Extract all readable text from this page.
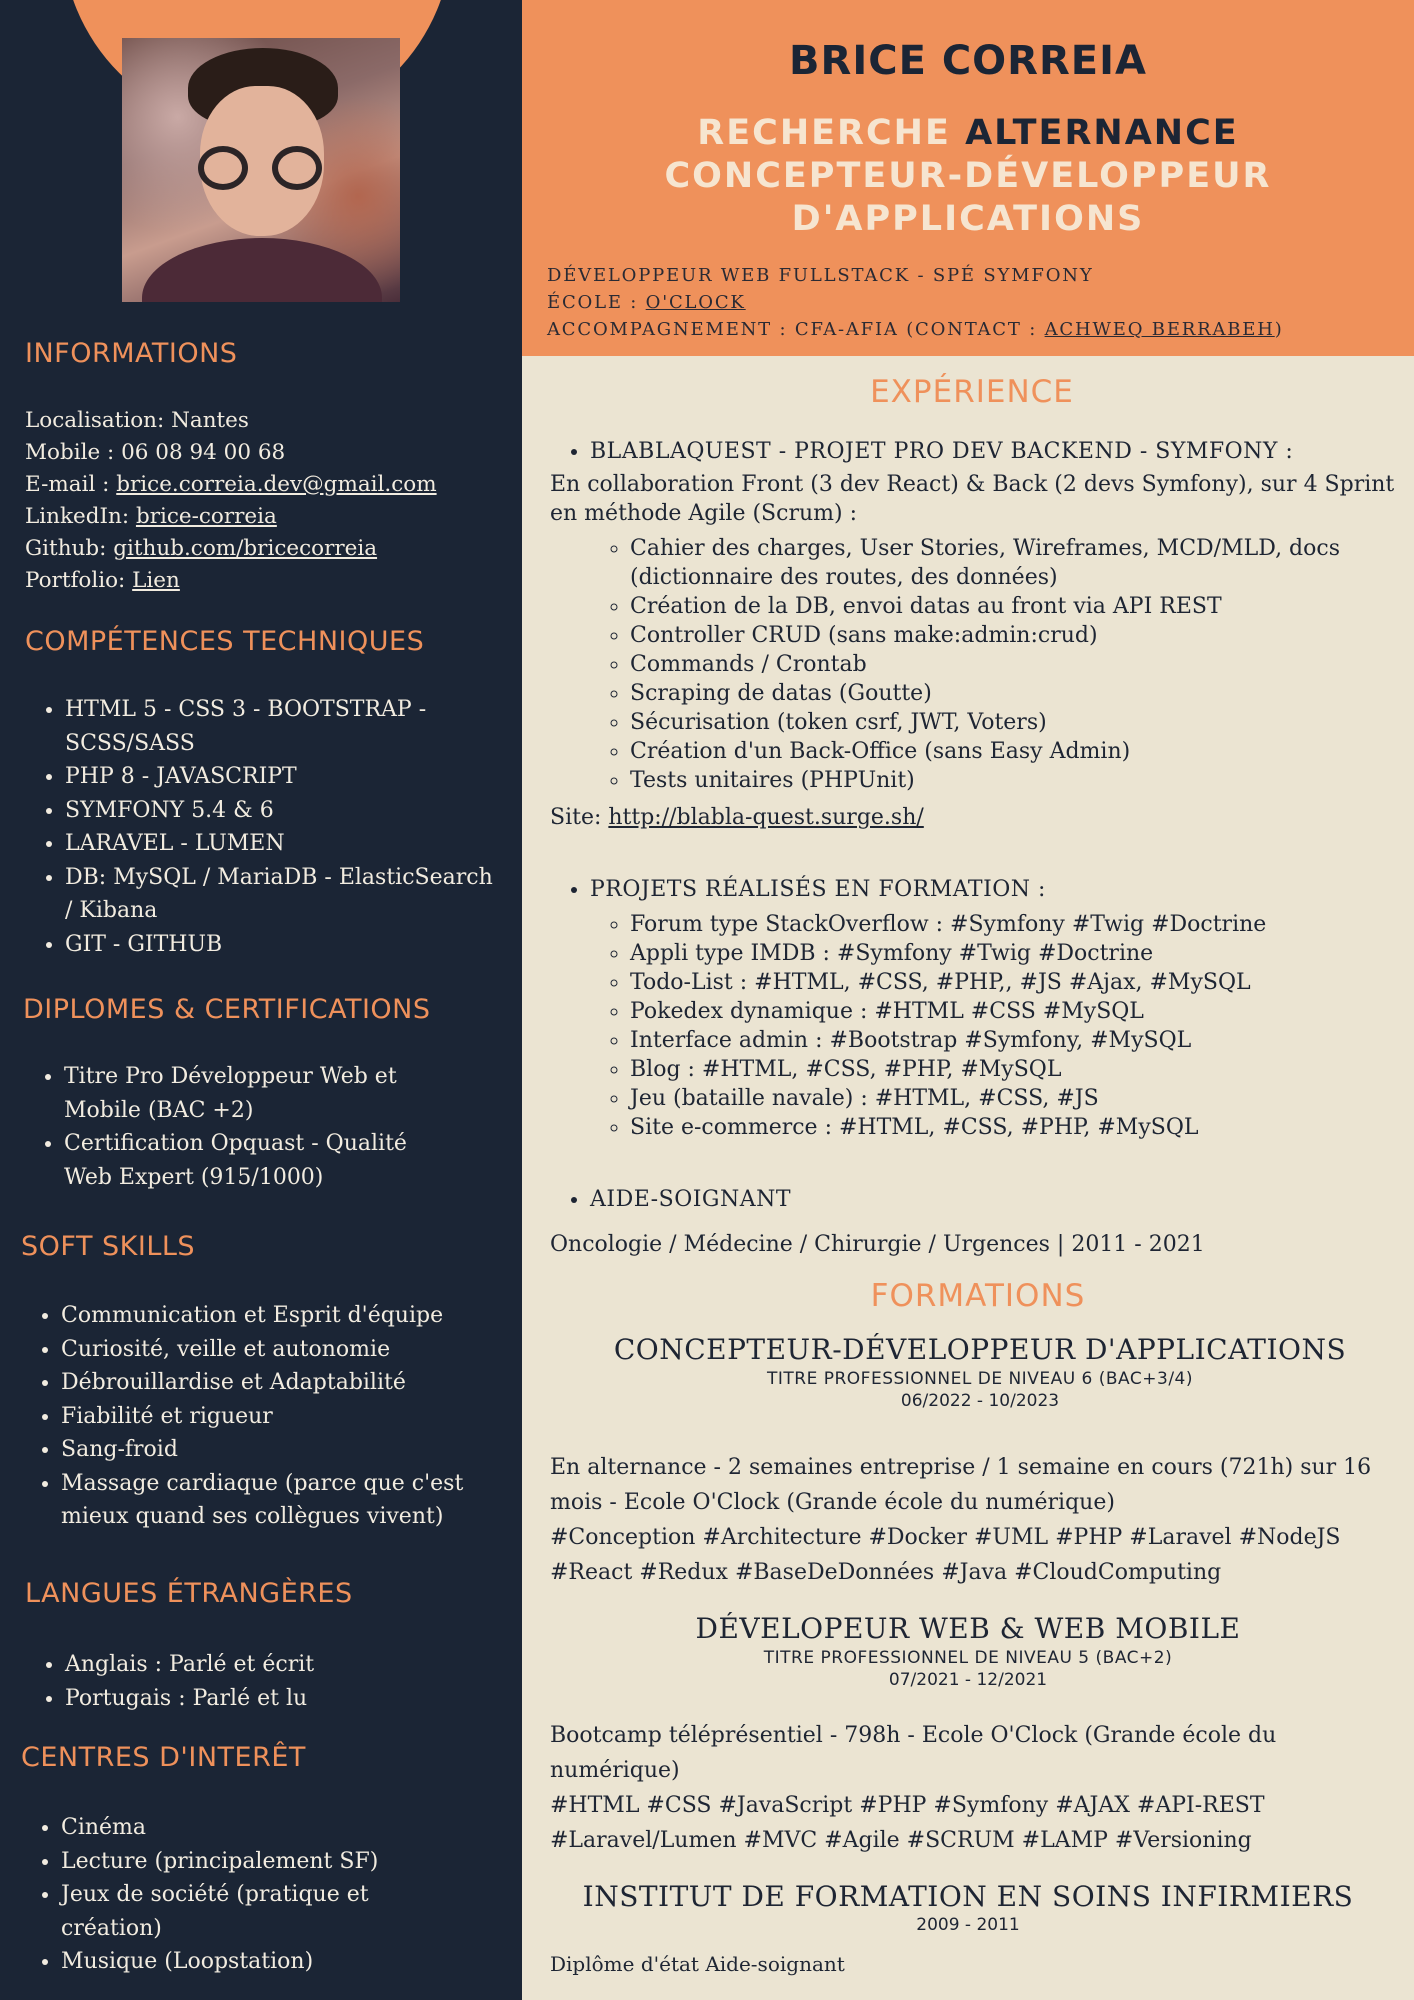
INFORMATIONS
Localisation: Nantes
Mobile : 06 08 94 00 68
E-mail : brice.correia.dev@gmail.com
LinkedIn: brice-correia
Github: github.com/bricecorreia
Portfolio: Lien
COMPÉTENCES TECHNIQUES
• HTML 5 - CSS 3 - BOOTSTRAP - SCSS/SASS
• PHP 8 - JAVASCRIPT
• SYMFONY 5.4 & 6
• LARAVEL - LUMEN
• DB: MySQL / MariaDB - ElasticSearch / Kibana
• GIT - GITHUB
DIPLOMES & CERTIFICATIONS
• Titre Pro Développeur Web et Mobile (BAC +2)
• Certification Opquast - Qualité Web Expert (915/1000)
SOFT SKILLS
• Communication et Esprit d'équipe
• Curiosité, veille et autonomie
• Débrouillardise et Adaptabilité
• Fiabilité et rigueur
• Sang-froid
• Massage cardiaque (parce que c'est mieux quand ses collègues vivent)
LANGUES ÉTRANGÈRES
• Anglais : Parlé et écrit
• Portugais : Parlé et lu
CENTRES D'INTERÊT
• Cinéma
• Lecture (principalement SF)
• Jeux de société (pratique et création)
• Musique (Loopstation)
BRICE CORREIA
RECHERCHE ALTERNANCE
CONCEPTEUR-DÉVELOPPEUR
D'APPLICATIONS
DÉVELOPPEUR WEB FULLSTACK - SPÉ SYMFONY
ÉCOLE : O'CLOCK
ACCOMPAGNEMENT : CFA-AFIA (CONTACT : ACHWEQ BERRABEH)
EXPÉRIENCE
• BLABLAQUEST - PROJET PRO DEV BACKEND - SYMFONY :
En collaboration Front (3 dev React) & Back (2 devs Symfony), sur 4 Sprint en méthode Agile (Scrum) :
◦ Cahier des charges, User Stories, Wireframes, MCD/MLD, docs (dictionnaire des routes, des données)
◦ Création de la DB, envoi datas au front via API REST
◦ Controller CRUD (sans make:admin:crud)
◦ Commands / Crontab
◦ Scraping de datas (Goutte)
◦ Sécurisation (token csrf, JWT, Voters)
◦ Création d'un Back-Office (sans Easy Admin)
◦ Tests unitaires (PHPUnit)
Site: http://blabla-quest.surge.sh/
• PROJETS RÉALISÉS EN FORMATION :
◦ Forum type StackOverflow : #Symfony #Twig #Doctrine
◦ Appli type IMDB : #Symfony #Twig #Doctrine
◦ Todo-List : #HTML, #CSS, #PHP,, #JS #Ajax, #MySQL
◦ Pokedex dynamique : #HTML #CSS #MySQL
◦ Interface admin : #Bootstrap #Symfony, #MySQL
◦ Blog : #HTML, #CSS, #PHP, #MySQL
◦ Jeu (bataille navale) : #HTML, #CSS, #JS
◦ Site e-commerce : #HTML, #CSS, #PHP, #MySQL
• AIDE-SOIGNANT
Oncologie / Médecine / Chirurgie / Urgences | 2011 - 2021
FORMATIONS
CONCEPTEUR-DÉVELOPPEUR D'APPLICATIONS
TITRE PROFESSIONNEL DE NIVEAU 6 (BAC+3/4)
06/2022 - 10/2023
En alternance - 2 semaines entreprise / 1 semaine en cours (721h) sur 16 mois - Ecole O'Clock (Grande école du numérique)
#Conception #Architecture #Docker #UML #PHP #Laravel #NodeJS #React #Redux #BaseDeDonnées #Java #CloudComputing
DÉVELOPEUR WEB & WEB MOBILE
TITRE PROFESSIONNEL DE NIVEAU 5 (BAC+2)
07/2021 - 12/2021
Bootcamp téléprésentiel - 798h - Ecole O'Clock (Grande école du numérique)
#HTML #CSS #JavaScript #PHP #Symfony #AJAX #API-REST #Laravel/Lumen #MVC #Agile #SCRUM #LAMP #Versioning
INSTITUT DE FORMATION EN SOINS INFIRMIERS
2009 - 2011
Diplôme d'état Aide-soignant
